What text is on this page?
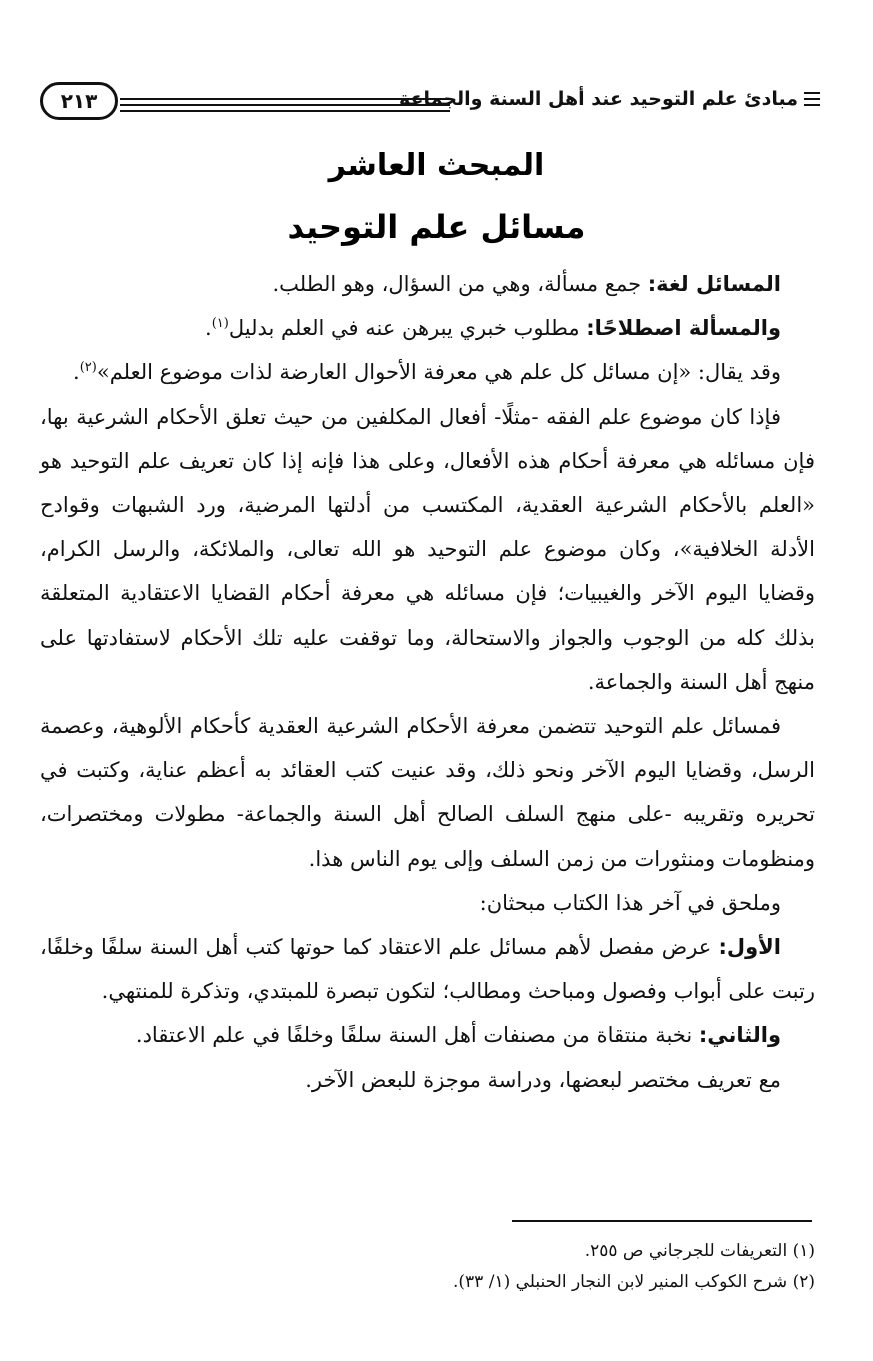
٢١٣	مبادئ علم التوحيد عند أهل السنة والجماعة
المبحث العاشر
مسائل علم التوحيد

المسائل لغة: جمع مسألة، وهي من السؤال، وهو الطلب.

والمسألة اصطلاحًا: مطلوب خبري يبرهن عنه في العلم بدليل$^{(١)}$.

وقد يقال: «إن مسائل كل علم هي معرفة الأحوال العارضة لذات موضوع العلم»$^{(٢)}$.

فإذا كان موضوع علم الفقه -مثلًا- أفعال المكلفين من حيث تعلق الأحكام الشرعية بها، فإن مسائله هي معرفة أحكام هذه الأفعال، وعلى هذا فإنه إذا كان تعريف علم التوحيد هو «العلم بالأحكام الشرعية العقدية، المكتسب من أدلتها المرضية، ورد الشبهات وقوادح الأدلة الخلافية»، وكان موضوع علم التوحيد هو الله تعالى، والملائكة، والرسل الكرام، وقضايا اليوم الآخر والغيبيات؛ فإن مسائله هي معرفة أحكام القضايا الاعتقادية المتعلقة بذلك كله من الوجوب والجواز والاستحالة، وما توقفت عليه تلك الأحكام لاستفادتها على منهج أهل السنة والجماعة.

فمسائل علم التوحيد تتضمن معرفة الأحكام الشرعية العقدية كأحكام الألوهية، وعصمة الرسل، وقضايا اليوم الآخر ونحو ذلك، وقد عنيت كتب العقائد به أعظم عناية، وكتبت في تحريره وتقريبه -على منهج السلف الصالح أهل السنة والجماعة- مطولات ومختصرات، ومنظومات ومنثورات من زمن السلف وإلى يوم الناس هذا.

وملحق في آخر هذا الكتاب مبحثان:

الأول: عرض مفصل لأهم مسائل علم الاعتقاد كما حوتها كتب أهل السنة سلفًا وخلفًا، رتبت على أبواب وفصول ومباحث ومطالب؛ لتكون تبصرة للمبتدي، وتذكرة للمنتهي.

والثاني: نخبة منتقاة من مصنفات أهل السنة سلفًا وخلفًا في علم الاعتقاد.

مع تعريف مختصر لبعضها، ودراسة موجزة للبعض الآخر.

(١) التعريفات للجرجاني ص ٢٥٥.

(٢) شرح الكوكب المنير لابن النجار الحنبلي (١/ ٣٣).
